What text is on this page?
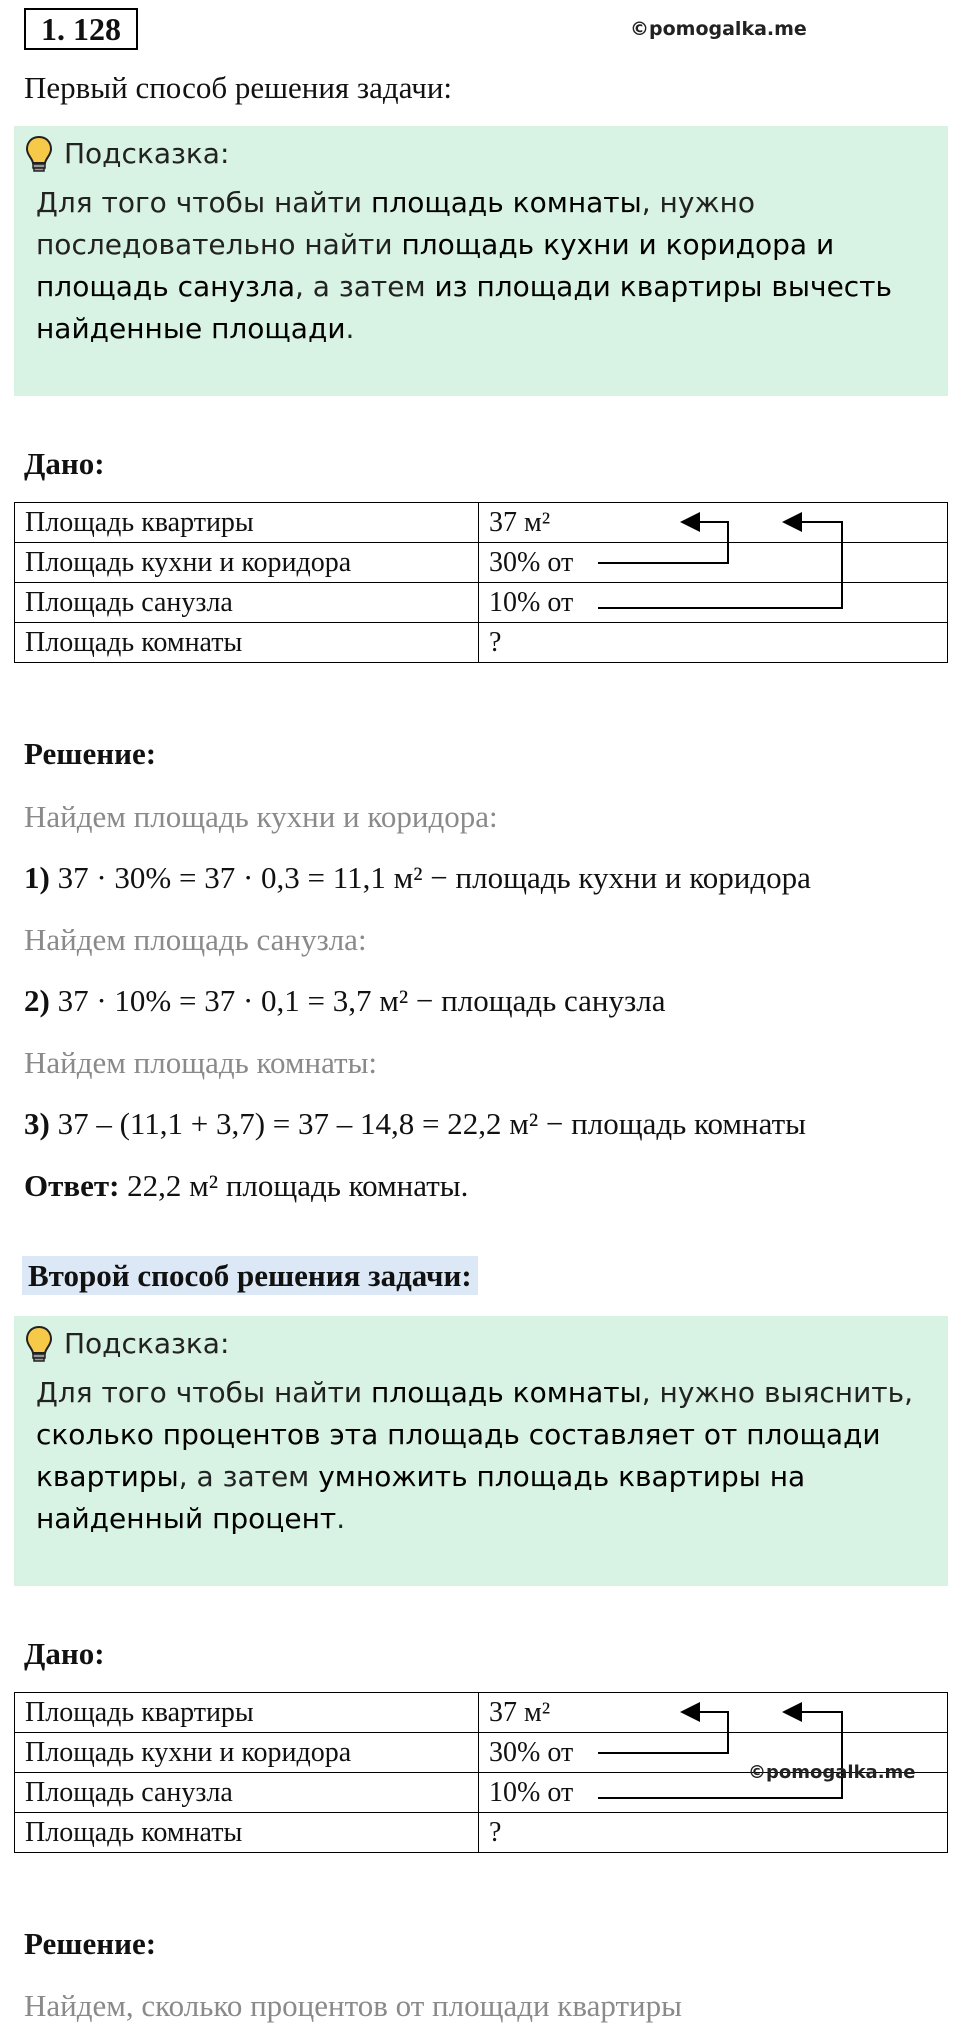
1. 128	©pomogalka.me
Первый способ решения задачи:
Подсказка:
Для того чтобы найти площадь комнаты, нужно
последовательно найти площадь кухни и коридора и
площадь санузла, а затем из площади квартиры вычесть
найденные площади.
Дано:
Площадь квартиры	37 м²
Площадь кухни и коридора	30% от
Площадь санузла	10% от
Площадь комнаты	?
Решение:
Найдем площадь кухни и коридора:
1) 37 · 30% = 37 · 0,3 = 11,1 м² − площадь кухни и коридора
Найдем площадь санузла:
2) 37 · 10% = 37 · 0,1 = 3,7 м² − площадь санузла
Найдем площадь комнаты:
3) 37 – (11,1 + 3,7) = 37 – 14,8 = 22,2 м² − площадь комнаты
Ответ: 22,2 м² площадь комнаты.
Второй способ решения задачи:
Подсказка:
Для того чтобы найти площадь комнаты, нужно выяснить,
сколько процентов эта площадь составляет от площади
квартиры, а затем умножить площадь квартиры на
найденный процент.
Дано:
Площадь квартиры	37 м²
Площадь кухни и коридора	30% от
Площадь санузла	10% от
Площадь комнаты	?
©pomogalka.me
Решение:
Найдем, сколько процентов от площади квартиры
